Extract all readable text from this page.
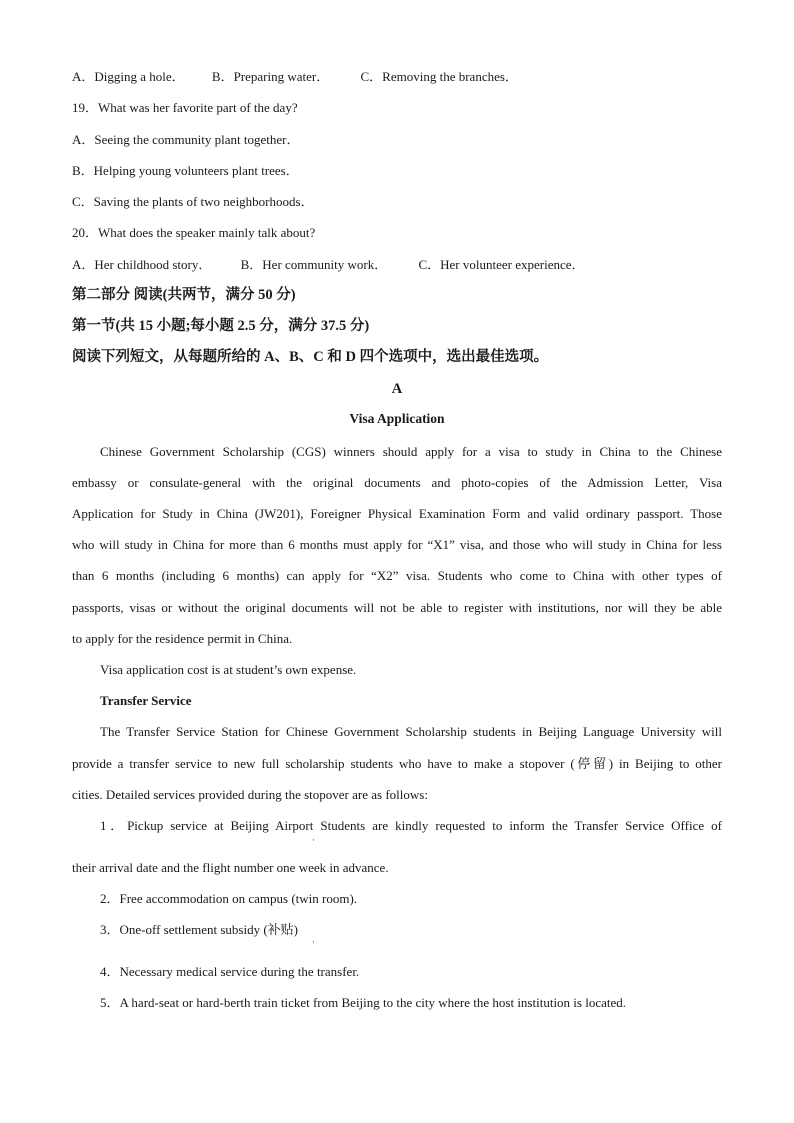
A．Digging a hole． B．Preparing water． C．Removing the branches．
19．What was her favorite part of the day?
A．Seeing the community plant together．
B．Helping young volunteers plant trees．
C．Saving the plants of two neighborhoods．
20．What does the speaker mainly talk about?
A．Her childhood story． B．Her community work． C．Her volunteer experience．
第二部分 阅读(共两节，满分 50 分)
第一节(共 15 小题;每小题 2.5 分，满分 37.5 分)
阅读下列短文，从每题所给的 A、B、C 和 D 四个选项中，选出最佳选项。
A
Visa Application
Chinese Government Scholarship (CGS) winners should apply for a visa to study in China to the Chinese
embassy or consulate-general with the original documents and photo-copies of the Admission Letter, Visa
Application for Study in China (JW201), Foreigner Physical Examination Form and valid ordinary passport. Those
who will study in China for more than 6 months must apply for “X1” visa, and those who will study in China for less
than 6 months (including 6 months) can apply for “X2” visa. Students who come to China with other types of
passports, visas or without the original documents will not be able to register with institutions, nor will they be able
to apply for the residence permit in China.
Visa application cost is at student’s own expense.
Transfer Service
The Transfer Service Station for Chinese Government Scholarship students in Beijing Language University will
provide a transfer service to new full scholarship students who have to make a stopover (停留) in Beijing to other
cities. Detailed services provided during the stopover are as follows:
1．Pickup service at Beijing Airport Students are kindly requested to inform the Transfer Service Office of
·
their arrival date and the flight number one week in advance.
2．Free accommodation on campus (twin room).
3．One-off settlement subsidy (补贴)
·
4．Necessary medical service during the transfer.
5．A hard-seat or hard-berth train ticket from Beijing to the city where the host institution is located.
